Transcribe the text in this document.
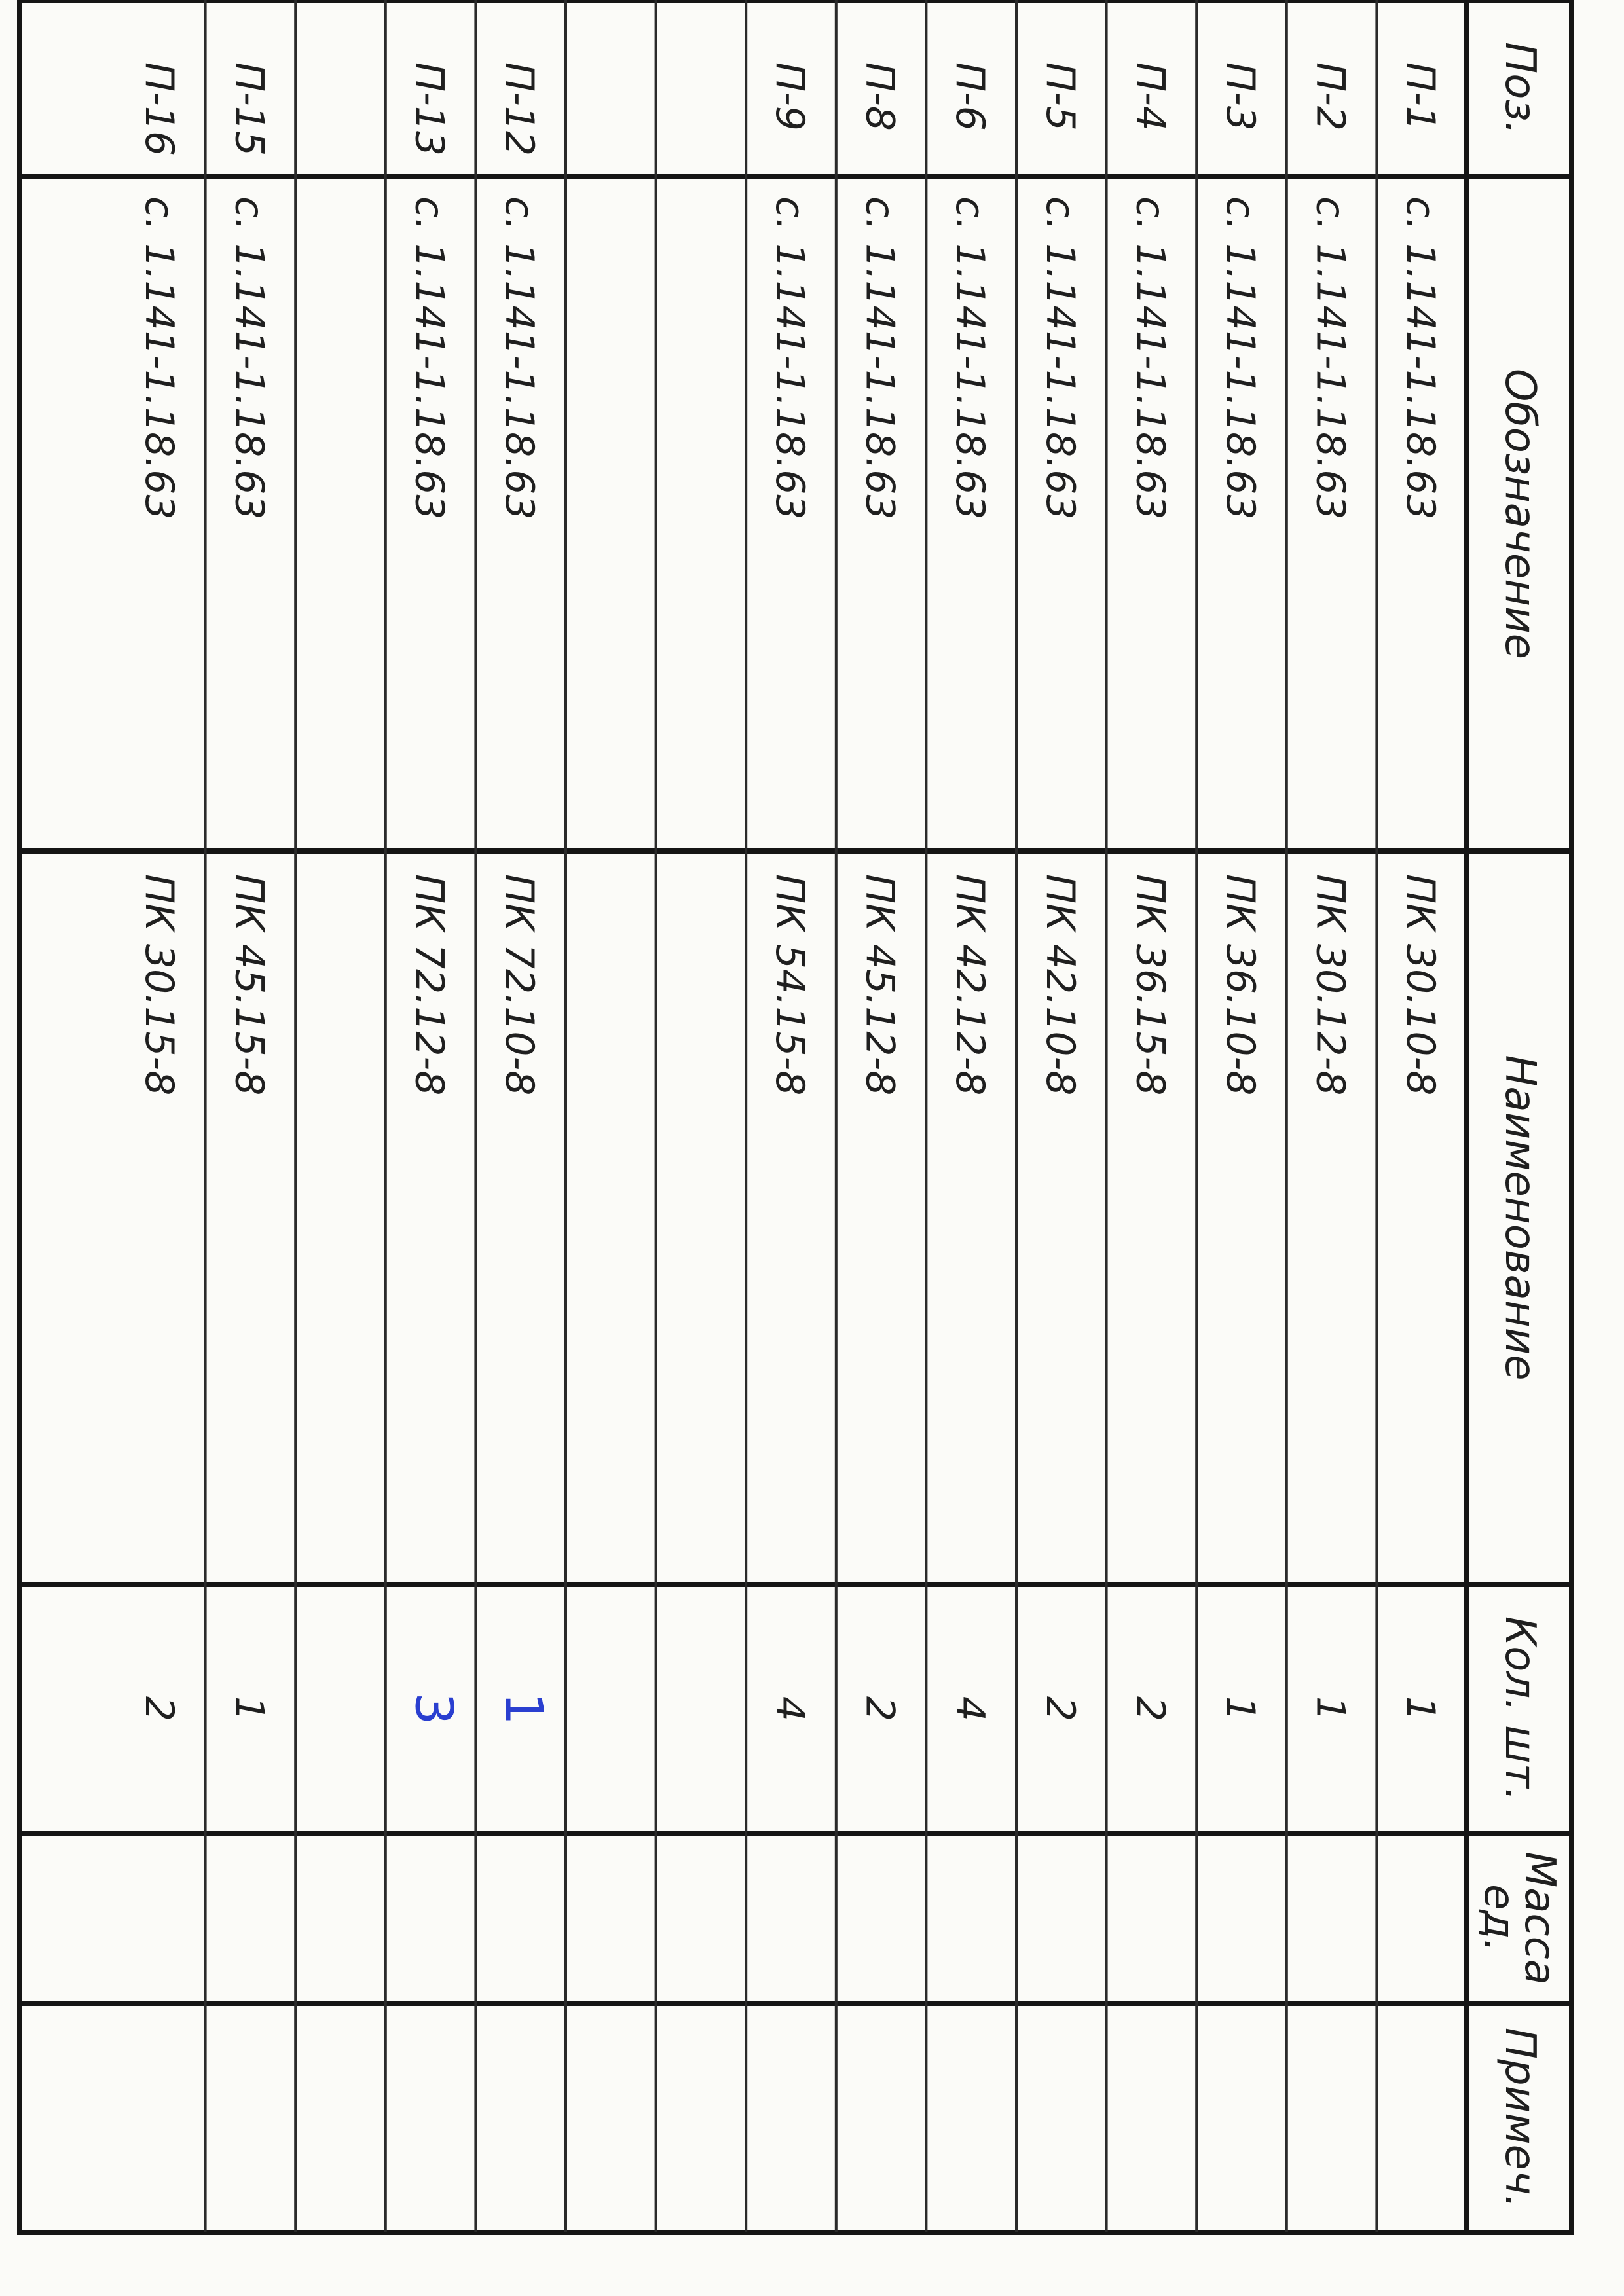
Поз.
Обозначение
Наименование
Кол. шт.
Масса
ед.
Примеч.
П-1
с. 1.141-1.18.63
ПК 30.10-8
1
П-2
с. 1.141-1.18.63
ПК 30.12-8
1
П-3
с. 1.141-1.18.63
ПК 36.10-8
1
П-4
с. 1.141-1.18.63
ПК 36.15-8
2
П-5
с. 1.141-1.18.63
ПК 42.10-8
2
П-6
с. 1.141-1.18.63
ПК 42.12-8
4
П-8
с. 1.141-1.18.63
ПК 45.12-8
2
П-9
с. 1.141-1.18.63
ПК 54.15-8
4
П-12
с. 1.141-1.18.63
ПК 72.10-8
1
П-13
с. 1.141-1.18.63
ПК 72.12-8
3
П-15
с. 1.141-1.18.63
ПК 45.15-8
1
П-16
с. 1.141-1.18.63
ПК 30.15-8
2
